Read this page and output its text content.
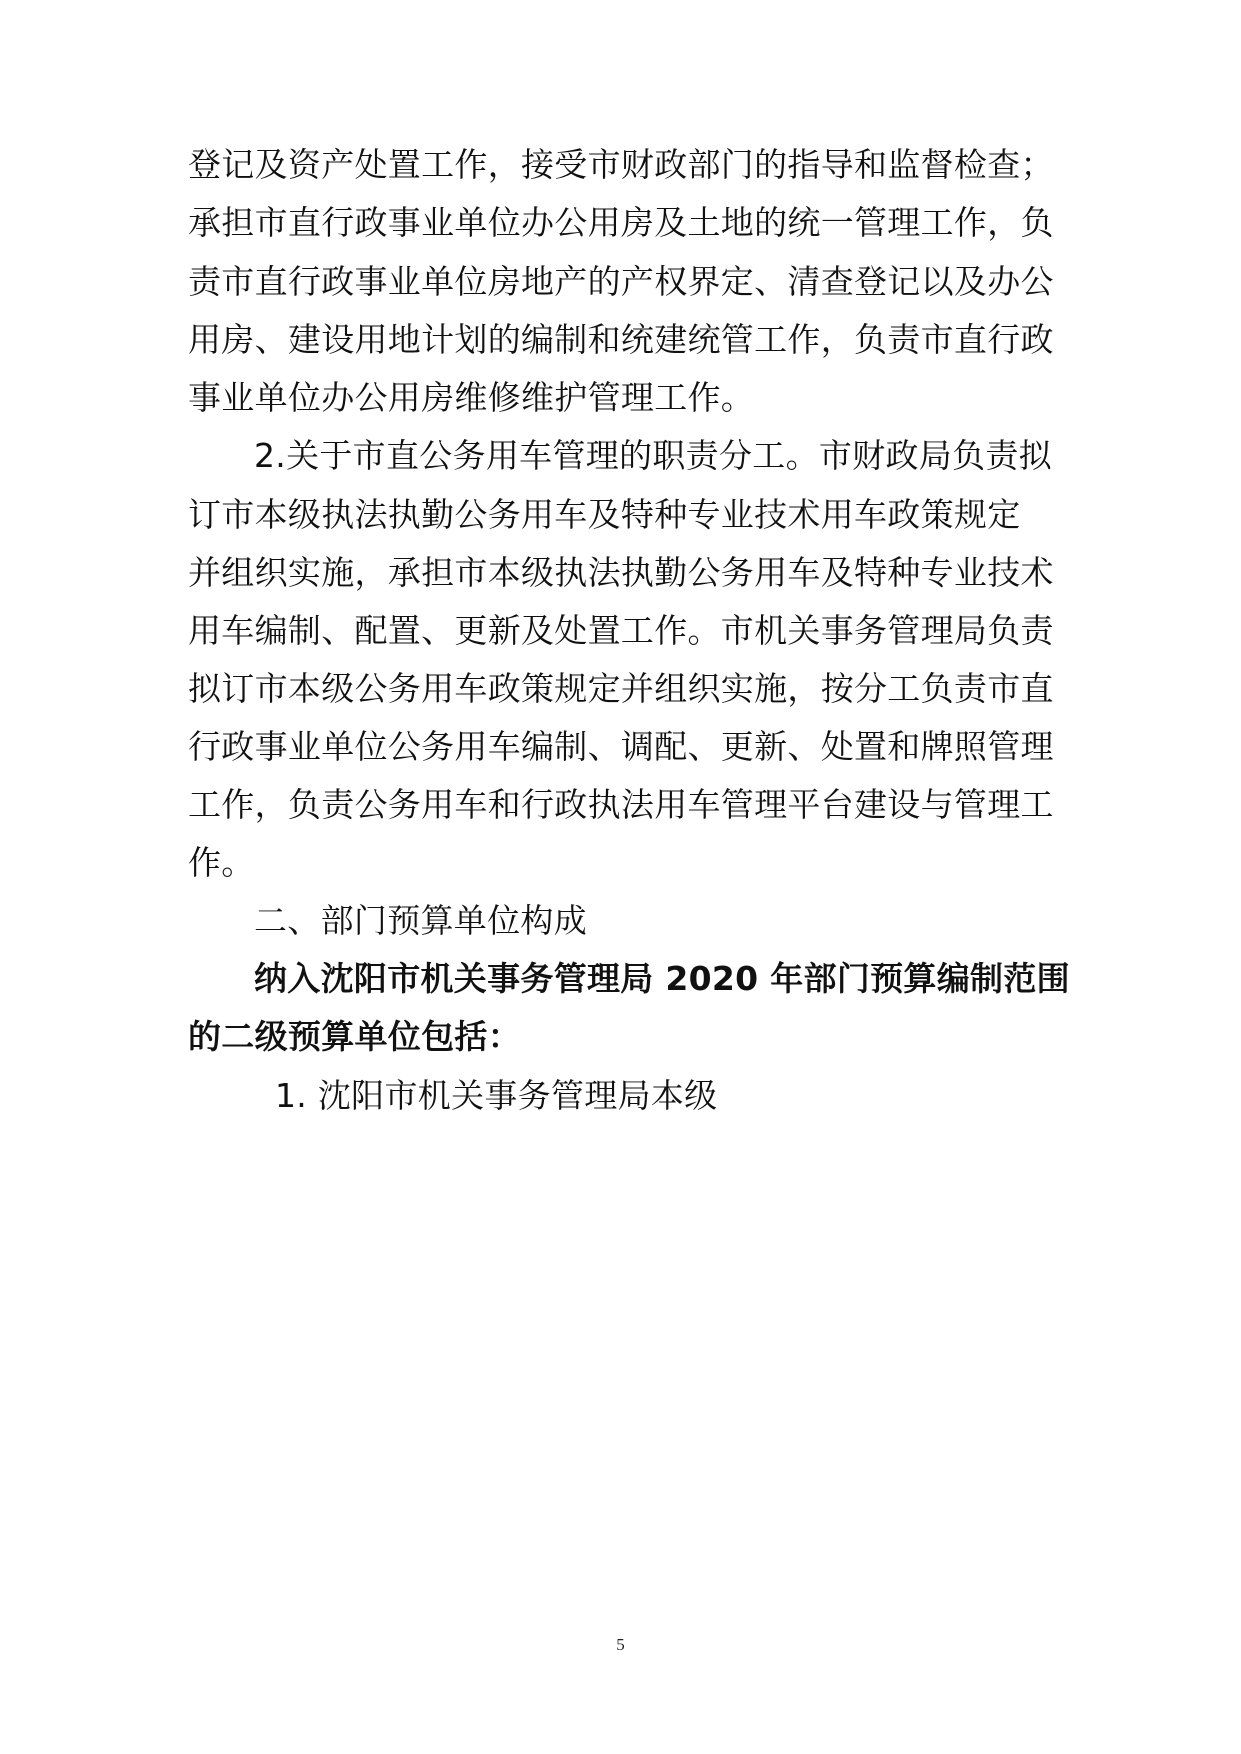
登记及资产处置工作，接受市财政部门的指导和监督检查；
承担市直行政事业单位办公用房及土地的统一管理工作，负
责市直行政事业单位房地产的产权界定、清查登记以及办公
用房、建设用地计划的编制和统建统管工作，负责市直行政
事业单位办公用房维修维护管理工作。
2.关于市直公务用车管理的职责分工。市财政局负责拟
订市本级执法执勤公务用车及特种专业技术用车政策规定
并组织实施，承担市本级执法执勤公务用车及特种专业技术
用车编制、配置、更新及处置工作。市机关事务管理局负责
拟订市本级公务用车政策规定并组织实施，按分工负责市直
行政事业单位公务用车编制、调配、更新、处置和牌照管理
工作，负责公务用车和行政执法用车管理平台建设与管理工
作。
二、部门预算单位构成
纳入沈阳市机关事务管理局 2020 年部门预算编制范围
的二级预算单位包括：
1. 沈阳市机关事务管理局本级
5
